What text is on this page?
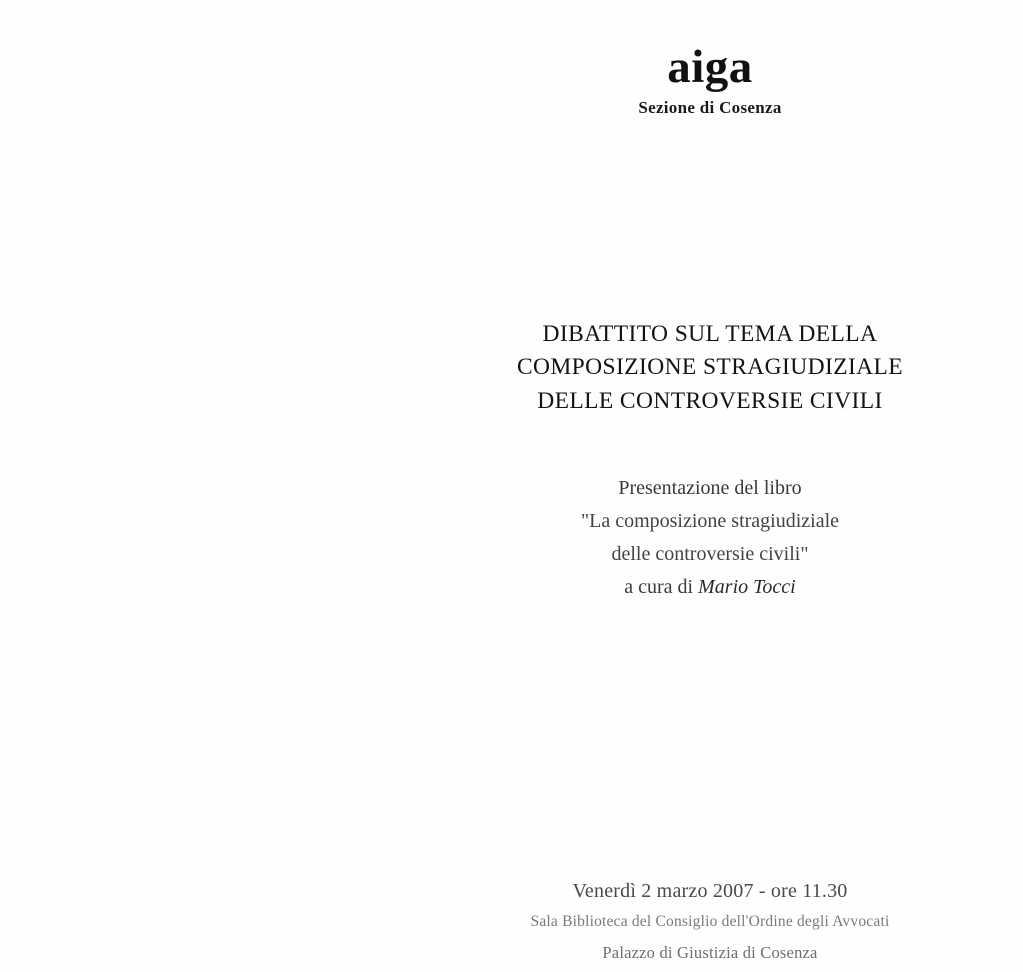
aiga
Sezione di Cosenza
DIBATTITO SUL TEMA DELLA
COMPOSIZIONE STRAGIUDIZIALE
DELLE CONTROVERSIE CIVILI
Presentazione del libro
"La composizione stragiudiziale
delle controversie civili"
a cura di Mario Tocci
Venerdì 2 marzo 2007 - ore 11.30
Sala Biblioteca del Consiglio dell'Ordine degli Avvocati
Palazzo di Giustizia di Cosenza
